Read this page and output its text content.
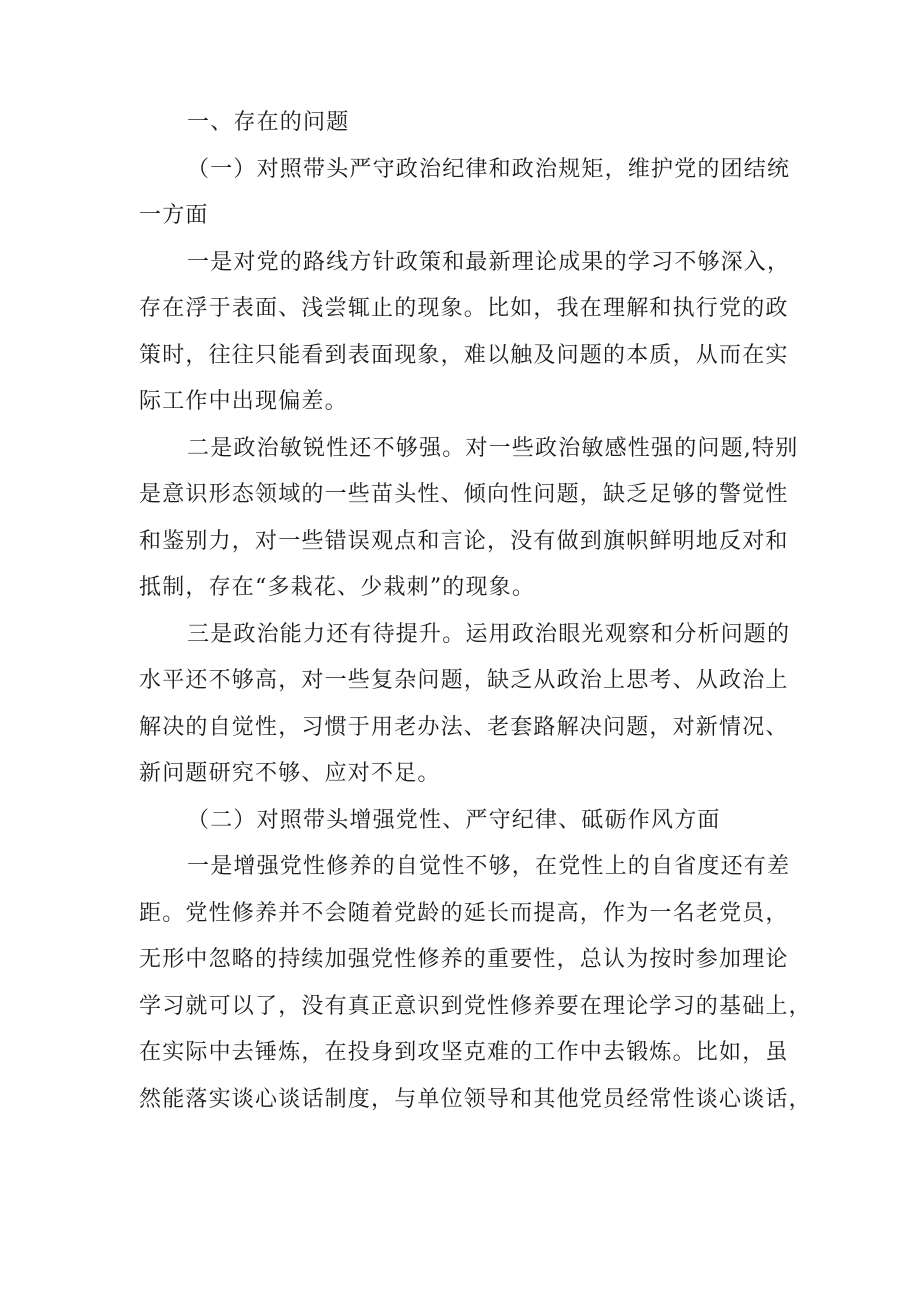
一、存在的问题
（一）对照带头严守政治纪律和政治规矩，维护党的团结统
一方面
一是对党的路线方针政策和最新理论成果的学习不够深入，
存在浮于表面、浅尝辄止的现象。比如，我在理解和执行党的政
策时，往往只能看到表面现象，难以触及问题的本质，从而在实
际工作中出现偏差。
二是政治敏锐性还不够强。对一些政治敏感性强的问题,特别
是意识形态领域的一些苗头性、倾向性问题，缺乏足够的警觉性
和鉴别力，对一些错误观点和言论，没有做到旗帜鲜明地反对和
抵制，存在“多栽花、少栽刺”的现象。
三是政治能力还有待提升。运用政治眼光观察和分析问题的
水平还不够高，对一些复杂问题，缺乏从政治上思考、从政治上
解决的自觉性，习惯于用老办法、老套路解决问题，对新情况、
新问题研究不够、应对不足。
（二）对照带头增强党性、严守纪律、砥砺作风方面
一是增强党性修养的自觉性不够，在党性上的自省度还有差
距。党性修养并不会随着党龄的延长而提高，作为一名老党员，
无形中忽略的持续加强党性修养的重要性，总认为按时参加理论
学习就可以了，没有真正意识到党性修养要在理论学习的基础上，
在实际中去锤炼，在投身到攻坚克难的工作中去锻炼。比如，虽
然能落实谈心谈话制度，与单位领导和其他党员经常性谈心谈话，
